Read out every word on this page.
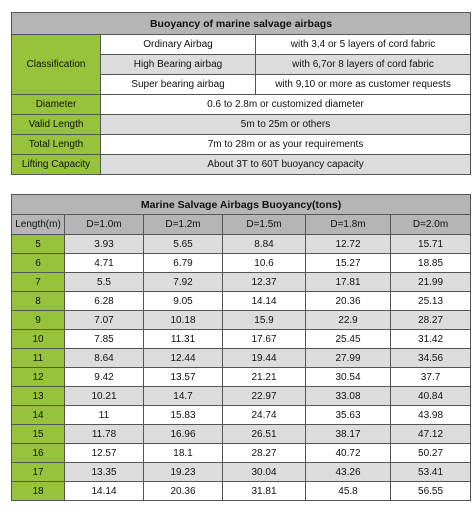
Buoyancy of marine salvage airbags		
Classification	Ordinary Airbag	with 3,4 or 5 layers of cord fabric
	High Bearing airbag	with 6,7or 8 layers of cord fabric
	Super bearing airbag	with 9,10 or more as customer requests
Diameter	0.6 to 2.8m or customized diameter	
Valid Length	5m to 25m or others	
Total Length	7m to 28m or as your requirements	
Lifting Capacity	About 3T to 60T buoyancy capacity	
Marine Salvage Airbags Buoyancy(tons)					
Length(m)	D=1.0m	D=1.2m	D=1.5m	D=1.8m	D=2.0m
5	3.93	5.65	8.84	12.72	15.71
6	4.71	6.79	10.6	15.27	18.85
7	5.5	7.92	12.37	17.81	21.99
8	6.28	9.05	14.14	20.36	25.13
9	7.07	10.18	15.9	22.9	28.27
10	7.85	11.31	17.67	25.45	31.42
11	8.64	12.44	19.44	27.99	34.56
12	9.42	13.57	21.21	30.54	37.7
13	10.21	14.7	22.97	33.08	40.84
14	11	15.83	24.74	35.63	43.98
15	11.78	16.96	26.51	38.17	47.12
16	12.57	18.1	28.27	40.72	50.27
17	13.35	19.23	30.04	43.26	53.41
18	14.14	20.36	31.81	45.8	56.55
